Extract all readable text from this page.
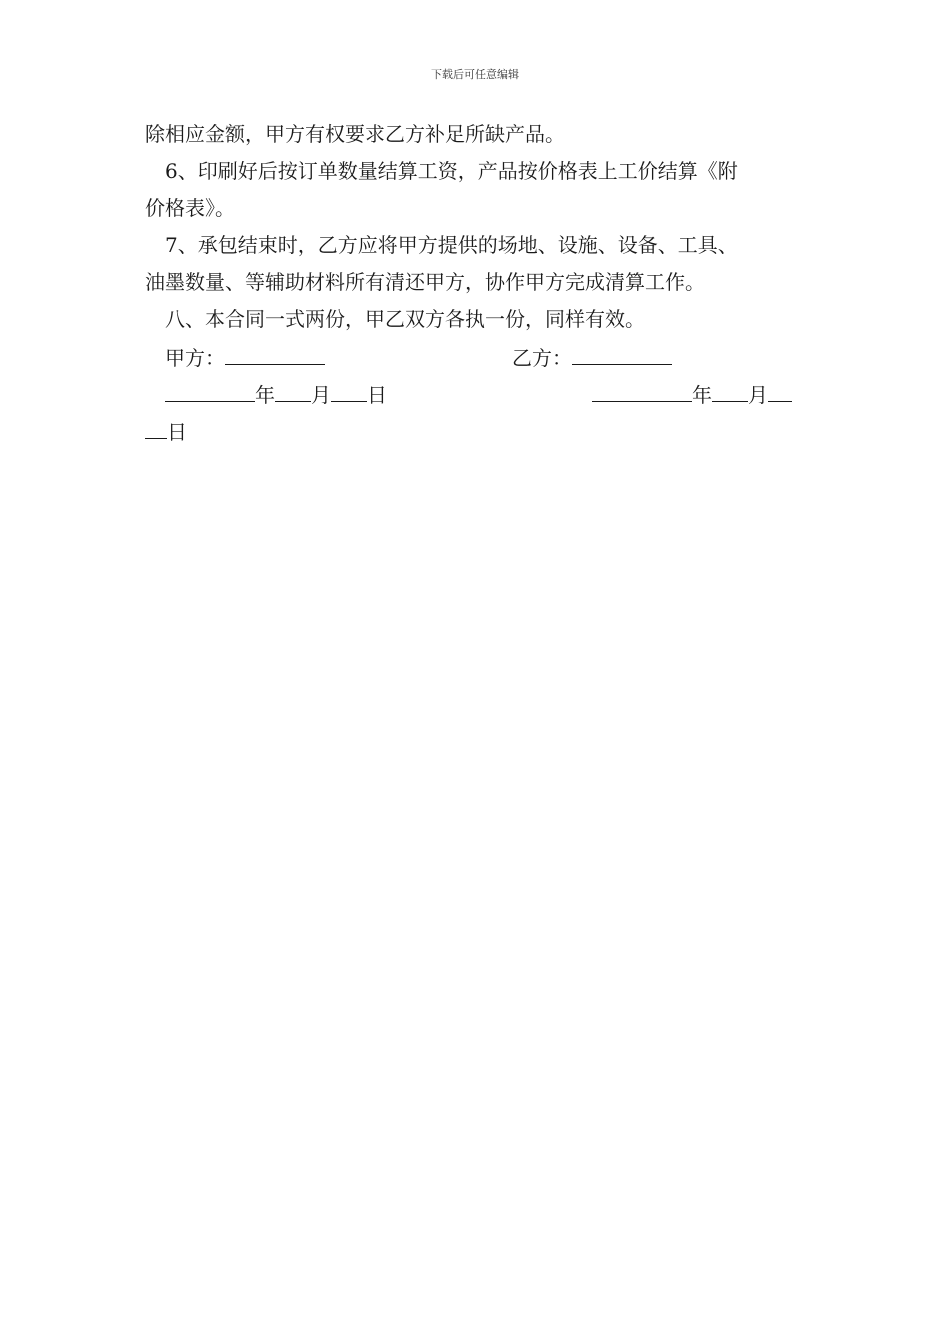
下载后可任意编辑
除相应金额，甲方有权要求乙方补足所缺产品。
6、印刷好后按订单数量结算工资，产品按价格表上工价结算《附
价格表》。
7、承包结束时，乙方应将甲方提供的场地、设施、设备、工具、
油墨数量、等辅助材料所有清还甲方，协作甲方完成清算工作。
八、本合同一式两份，甲乙双方各执一份，同样有效。
甲方：	乙方：
年 月 日	年 月
日
